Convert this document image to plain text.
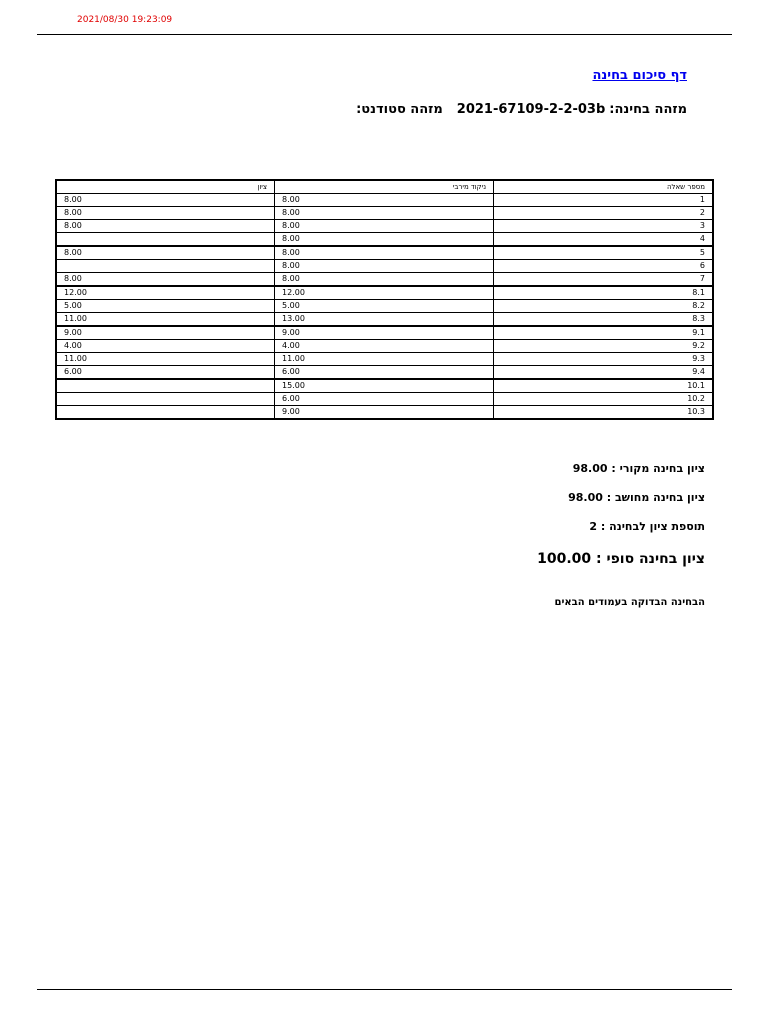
2021/08/30 19:23:09
דף סיכום בחינה
מזהה בחינה:
2021-67109-2-2-03b
מזהה סטודנט:
מספר שאלה	ניקוד מירבי	ציון
1	8.00	8.00
2	8.00	8.00
3	8.00	8.00
4	8.00	
5	8.00	8.00
6	8.00	
7	8.00	8.00
8.1	12.00	12.00
8.2	5.00	5.00
8.3	13.00	11.00
9.1	9.00	9.00
9.2	4.00	4.00
9.3	11.00	11.00
9.4	6.00	6.00
10.1	15.00	
10.2	6.00	
10.3	9.00	
ציון בחינה מקורי : 98.00
ציון בחינה מחושב : 98.00
תוספת ציון לבחינה : 2
ציון בחינה סופי : 100.00
הבחינה הבדוקה בעמודים הבאים
